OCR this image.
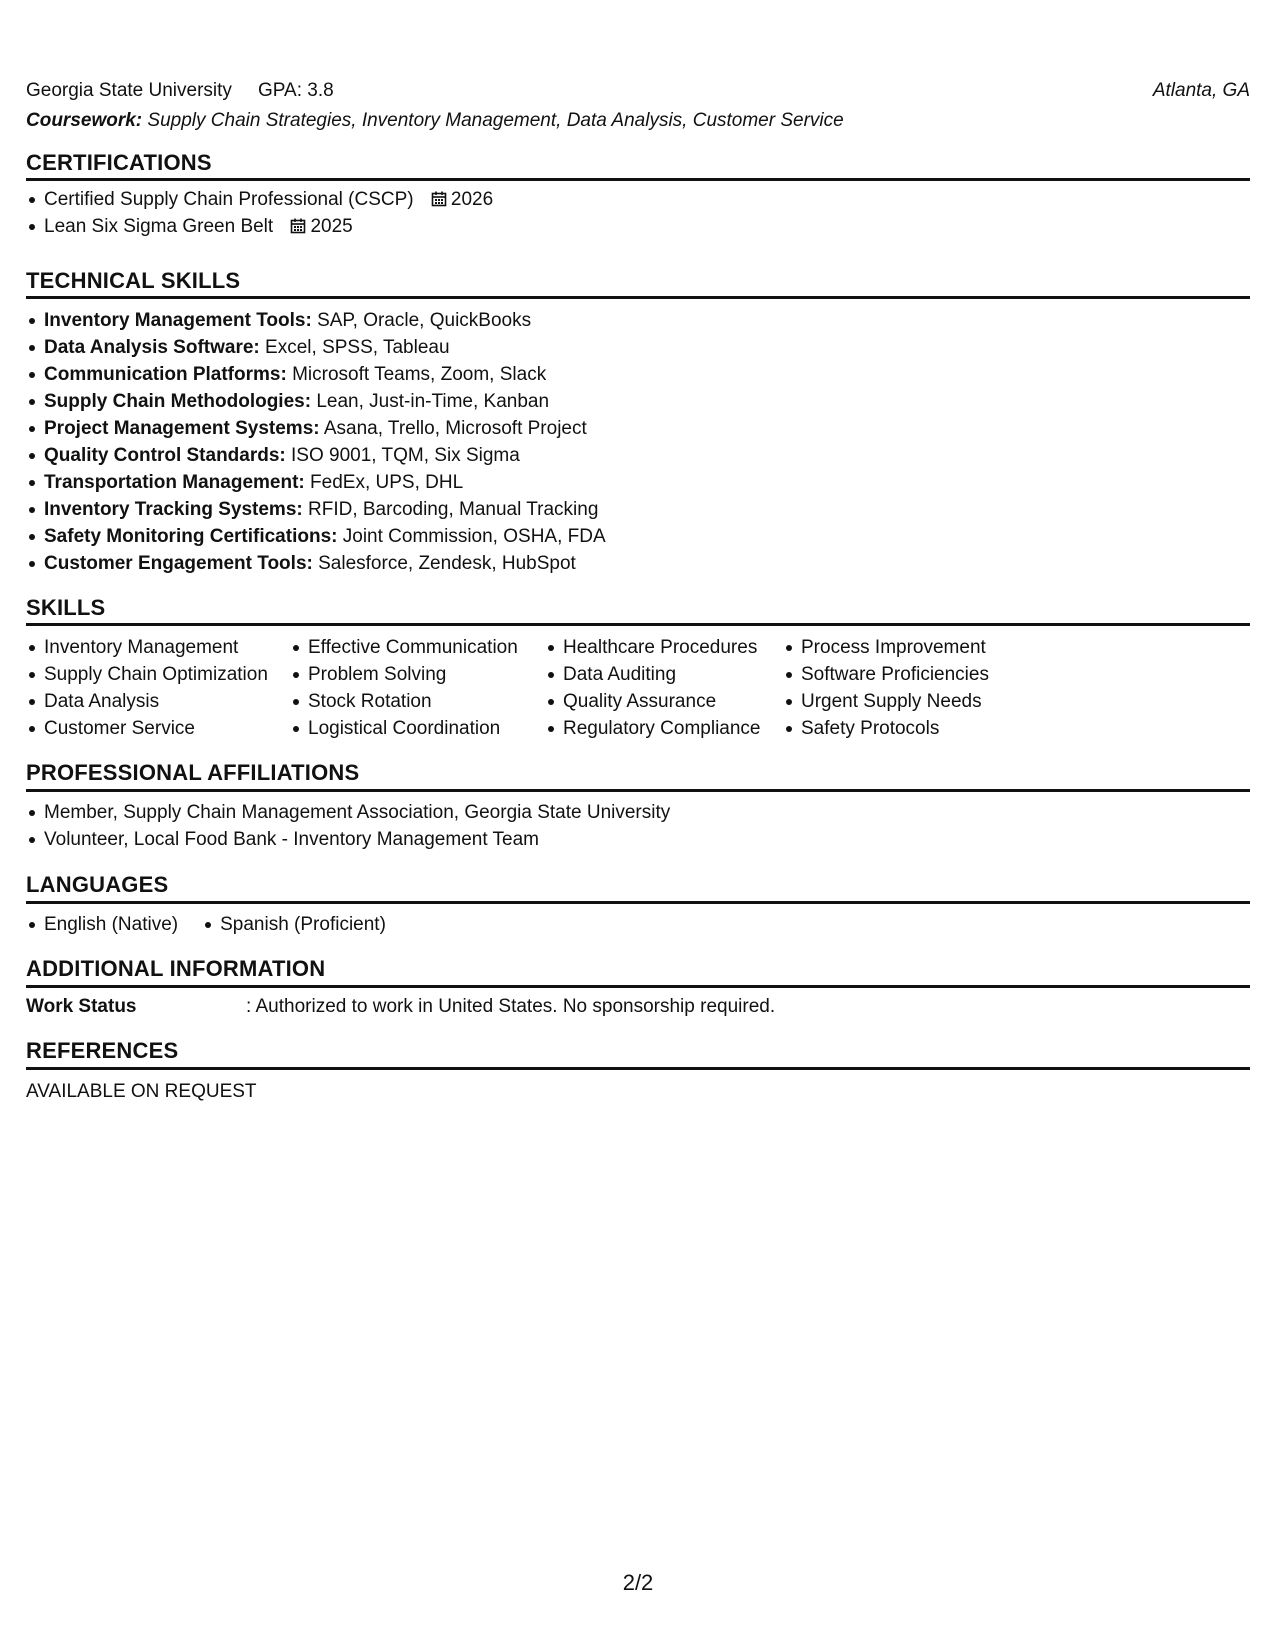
Georgia State University GPA: 3.8	Atlanta, GA
Coursework: Supply Chain Strategies, Inventory Management, Data Analysis, Customer Service
CERTIFICATIONS
Certified Supply Chain Professional (CSCP) 2026
Lean Six Sigma Green Belt 2025
TECHNICAL SKILLS
Inventory Management Tools: SAP, Oracle, QuickBooks
Data Analysis Software: Excel, SPSS, Tableau
Communication Platforms: Microsoft Teams, Zoom, Slack
Supply Chain Methodologies: Lean, Just-in-Time, Kanban
Project Management Systems: Asana, Trello, Microsoft Project
Quality Control Standards: ISO 9001, TQM, Six Sigma
Transportation Management: FedEx, UPS, DHL
Inventory Tracking Systems: RFID, Barcoding, Manual Tracking
Safety Monitoring Certifications: Joint Commission, OSHA, FDA
Customer Engagement Tools: Salesforce, Zendesk, HubSpot
SKILLS
Inventory Management
Supply Chain Optimization
Data Analysis
Customer Service
Effective Communication
Problem Solving
Stock Rotation
Logistical Coordination
Healthcare Procedures
Data Auditing
Quality Assurance
Regulatory Compliance
Process Improvement
Software Proficiencies
Urgent Supply Needs
Safety Protocols
PROFESSIONAL AFFILIATIONS
Member, Supply Chain Management Association, Georgia State University
Volunteer, Local Food Bank - Inventory Management Team
LANGUAGES
English (Native)	Spanish (Proficient)
ADDITIONAL INFORMATION
Work Status	: Authorized to work in United States. No sponsorship required.
REFERENCES
AVAILABLE ON REQUEST
2/2
